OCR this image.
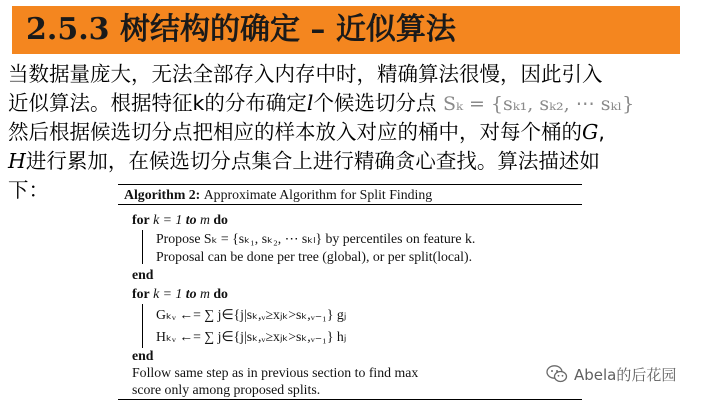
2.5.3 树结构的确定 – 近似算法
当数据量庞大，无法全部存入内存中时，精确算法很慢，因此引入
近似算法。根据特征k的分布确定l个候选切分点 Sₖ = {sₖ₁, sₖ₂, ⋯ sₖₗ}
然后根据候选切分点把相应的样本放入对应的桶中，对每个桶的G,
H进行累加，在候选切分点集合上进行精确贪心查找。算法描述如
下：	Algorithm 2: Approximate Algorithm for Split Finding
for k = 1 to m do
Propose Sₖ = {sₖ₁, sₖ₂, ⋯ sₖₗ} by percentiles on feature k.
Proposal can be done per tree (global), or per split(local).
end
for k = 1 to m do
Gₖᵥ ←= ∑ j∈{j|sₖ,ᵥ≥xⱼₖ>sₖ,ᵥ₋₁} gⱼ
Hₖᵥ ←= ∑ j∈{j|sₖ,ᵥ≥xⱼₖ>sₖ,ᵥ₋₁} hⱼ
end
Follow same step as in previous section to find max
score only among proposed splits.
Abela的后花园
